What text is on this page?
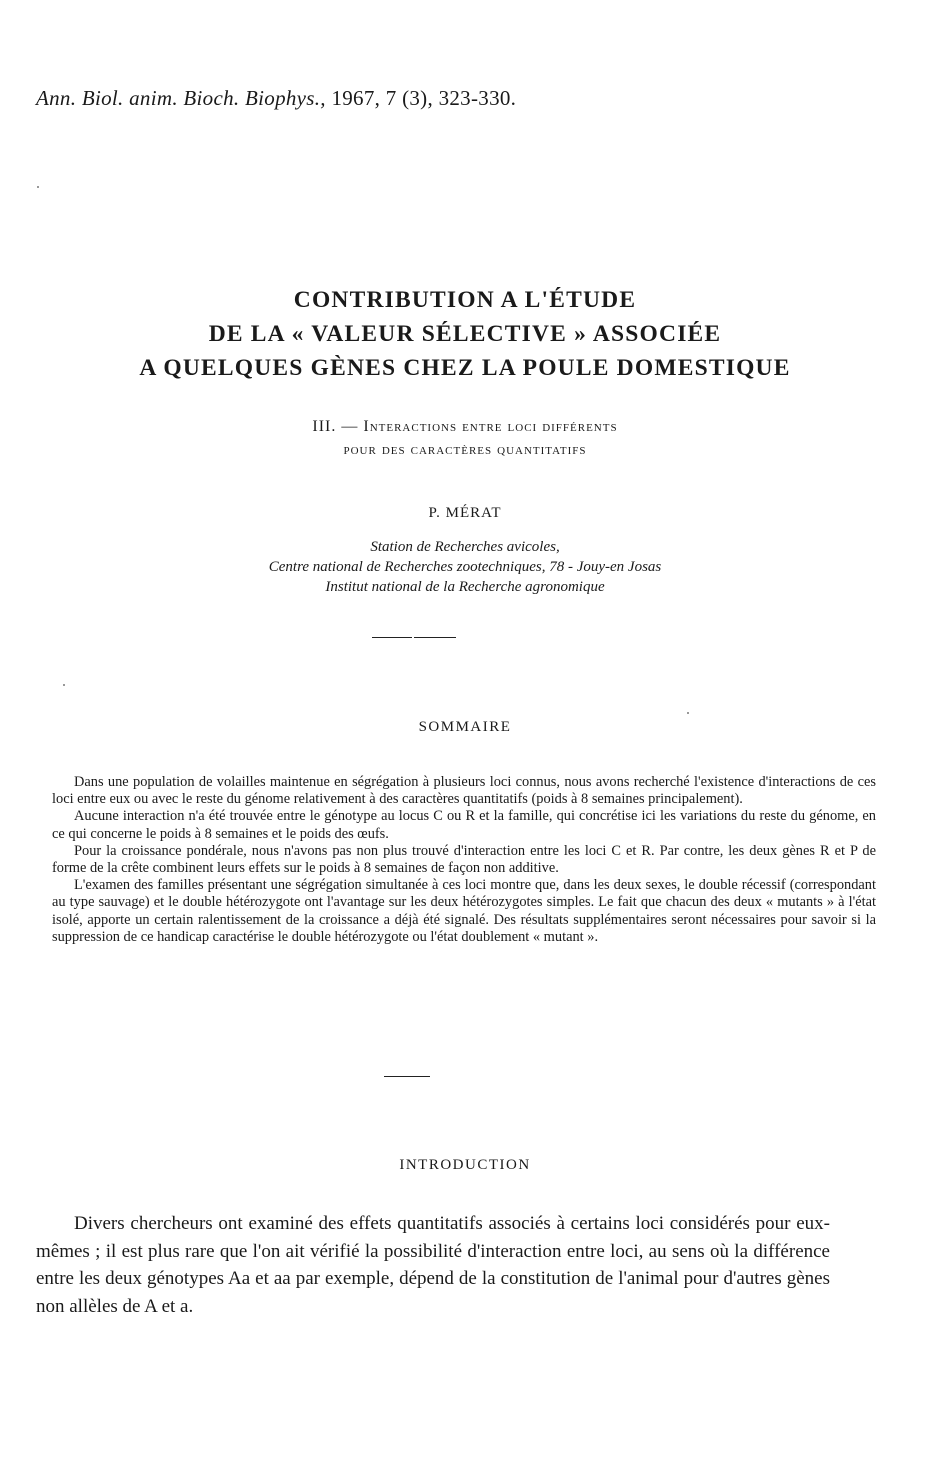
Ann. Biol. anim. Bioch. Biophys., 1967, 7 (3), 323-330.
CONTRIBUTION A L'ÉTUDE
DE LA « VALEUR SÉLECTIVE » ASSOCIÉE
A QUELQUES GÈNES CHEZ LA POULE DOMESTIQUE
III. — Interactions entre loci différents
pour des caractères quantitatifs
P. MÉRAT
Station de Recherches avicoles,
Centre national de Recherches zootechniques, 78 - Jouy-en Josas
Institut national de la Recherche agronomique
SOMMAIRE

Dans une population de volailles maintenue en ségrégation à plusieurs loci connus, nous avons recherché l'existence d'interactions de ces loci entre eux ou avec le reste du génome relativement à des caractères quantitatifs (poids à 8 semaines principalement).

Aucune interaction n'a été trouvée entre le génotype au locus C ou R et la famille, qui concrétise ici les variations du reste du génome, en ce qui concerne le poids à 8 semaines et le poids des œufs.

Pour la croissance pondérale, nous n'avons pas non plus trouvé d'interaction entre les loci C et R. Par contre, les deux gènes R et P de forme de la crête combinent leurs effets sur le poids à 8 semaines de façon non additive.

L'examen des familles présentant une ségrégation simultanée à ces loci montre que, dans les deux sexes, le double récessif (correspondant au type sauvage) et le double hétérozygote ont l'avantage sur les deux hétérozygotes simples. Le fait que chacun des deux « mutants » à l'état isolé, apporte un certain ralentissement de la croissance a déjà été signalé. Des résultats supplémentaires seront nécessaires pour savoir si la suppression de ce handicap caractérise le double hétérozygote ou l'état doublement « mutant ».

INTRODUCTION

Divers chercheurs ont examiné des effets quantitatifs associés à certains loci considérés pour eux-mêmes ; il est plus rare que l'on ait vérifié la possibilité d'interaction entre loci, au sens où la différence entre les deux génotypes Aa et aa par exemple, dépend de la constitution de l'animal pour d'autres gènes non allèles de A et a.
